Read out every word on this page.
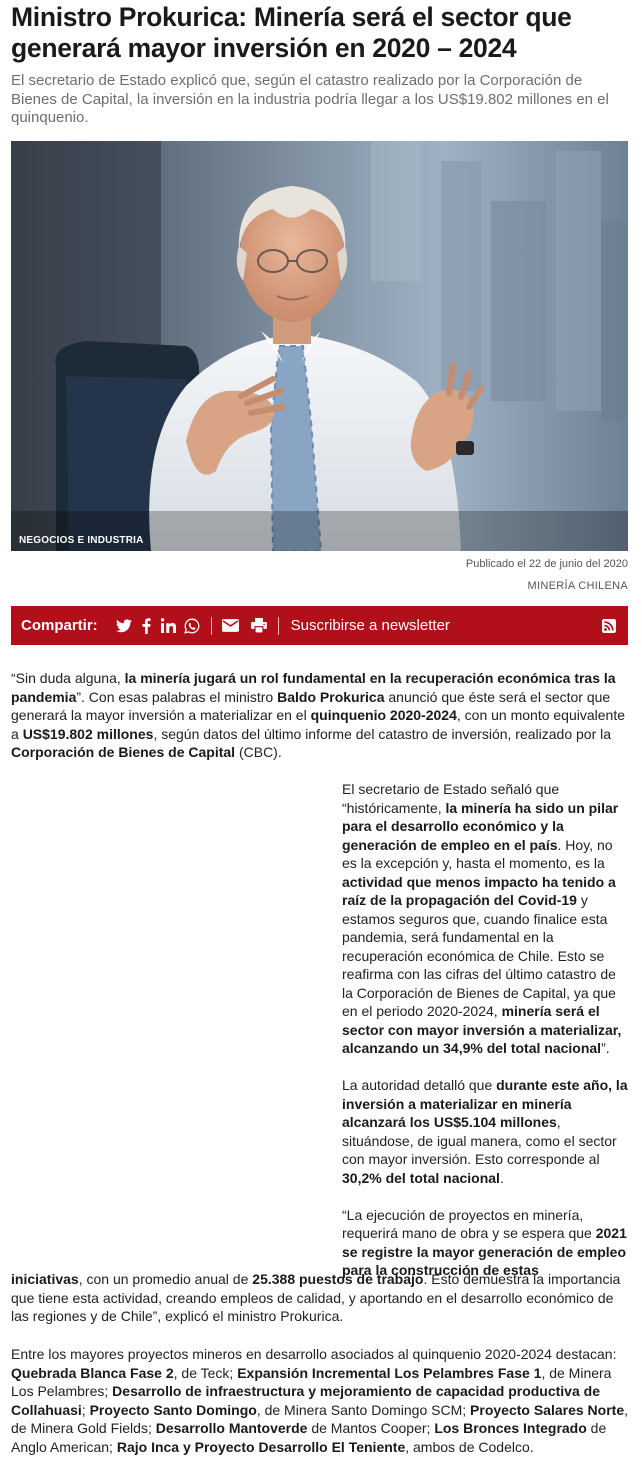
Ministro Prokurica: Minería será el sector que generará mayor inversión en 2020 – 2024
El secretario de Estado explicó que, según el catastro realizado por la Corporación de Bienes de Capital, la inversión en la industria podría llegar a los US$19.802 millones en el quinquenio.
NEGOCIOS E INDUSTRIA
Publicado el 22 de junio del 2020
MINERÍA CHILENA
Compartir:	Suscribirse a newsletter

“Sin duda alguna, la minería jugará un rol fundamental en la recuperación económica tras la pandemia”. Con esas palabras el ministro Baldo Prokurica anunció que éste será el sector que generará la mayor inversión a materializar en el quinquenio 2020-2024, con un monto equivalente a US$19.802 millones, según datos del último informe del catastro de inversión, realizado por la Corporación de Bienes de Capital (CBC).

El secretario de Estado señaló que “históricamente, la minería ha sido un pilar para el desarrollo económico y la generación de empleo en el país. Hoy, no es la excepción y, hasta el momento, es la actividad que menos impacto ha tenido a raíz de la propagación del Covid-19 y estamos seguros que, cuando finalice esta pandemia, será fundamental en la recuperación económica de Chile. Esto se reafirma con las cifras del último catastro de la Corporación de Bienes de Capital, ya que en el periodo 2020-2024, minería será el sector con mayor inversión a materializar, alcanzando un 34,9% del total nacional”.

La autoridad detalló que durante este año, la inversión a materializar en minería alcanzará los US$5.104 millones, situándose, de igual manera, como el sector con mayor inversión. Esto corresponde al 30,2% del total nacional.

“La ejecución de proyectos en minería, requerirá mano de obra y se espera que 2021 se registre la mayor generación de empleo para la construcción de estas

iniciativas, con un promedio anual de 25.388 puestos de trabajo. Esto demuestra la importancia que tiene esta actividad, creando empleos de calidad, y aportando en el desarrollo económico de las regiones y de Chile”, explicó el ministro Prokurica.

Entre los mayores proyectos mineros en desarrollo asociados al quinquenio 2020-2024 destacan: Quebrada Blanca Fase 2, de Teck; Expansión Incremental Los Pelambres Fase 1, de Minera Los Pelambres; Desarrollo de infraestructura y mejoramiento de capacidad productiva de Collahuasi; Proyecto Santo Domingo, de Minera Santo Domingo SCM; Proyecto Salares Norte, de Minera Gold Fields; Desarrollo Mantoverde de Mantos Cooper; Los Bronces Integrado de Anglo American; Rajo Inca y Proyecto Desarrollo El Teniente, ambos de Codelco.
